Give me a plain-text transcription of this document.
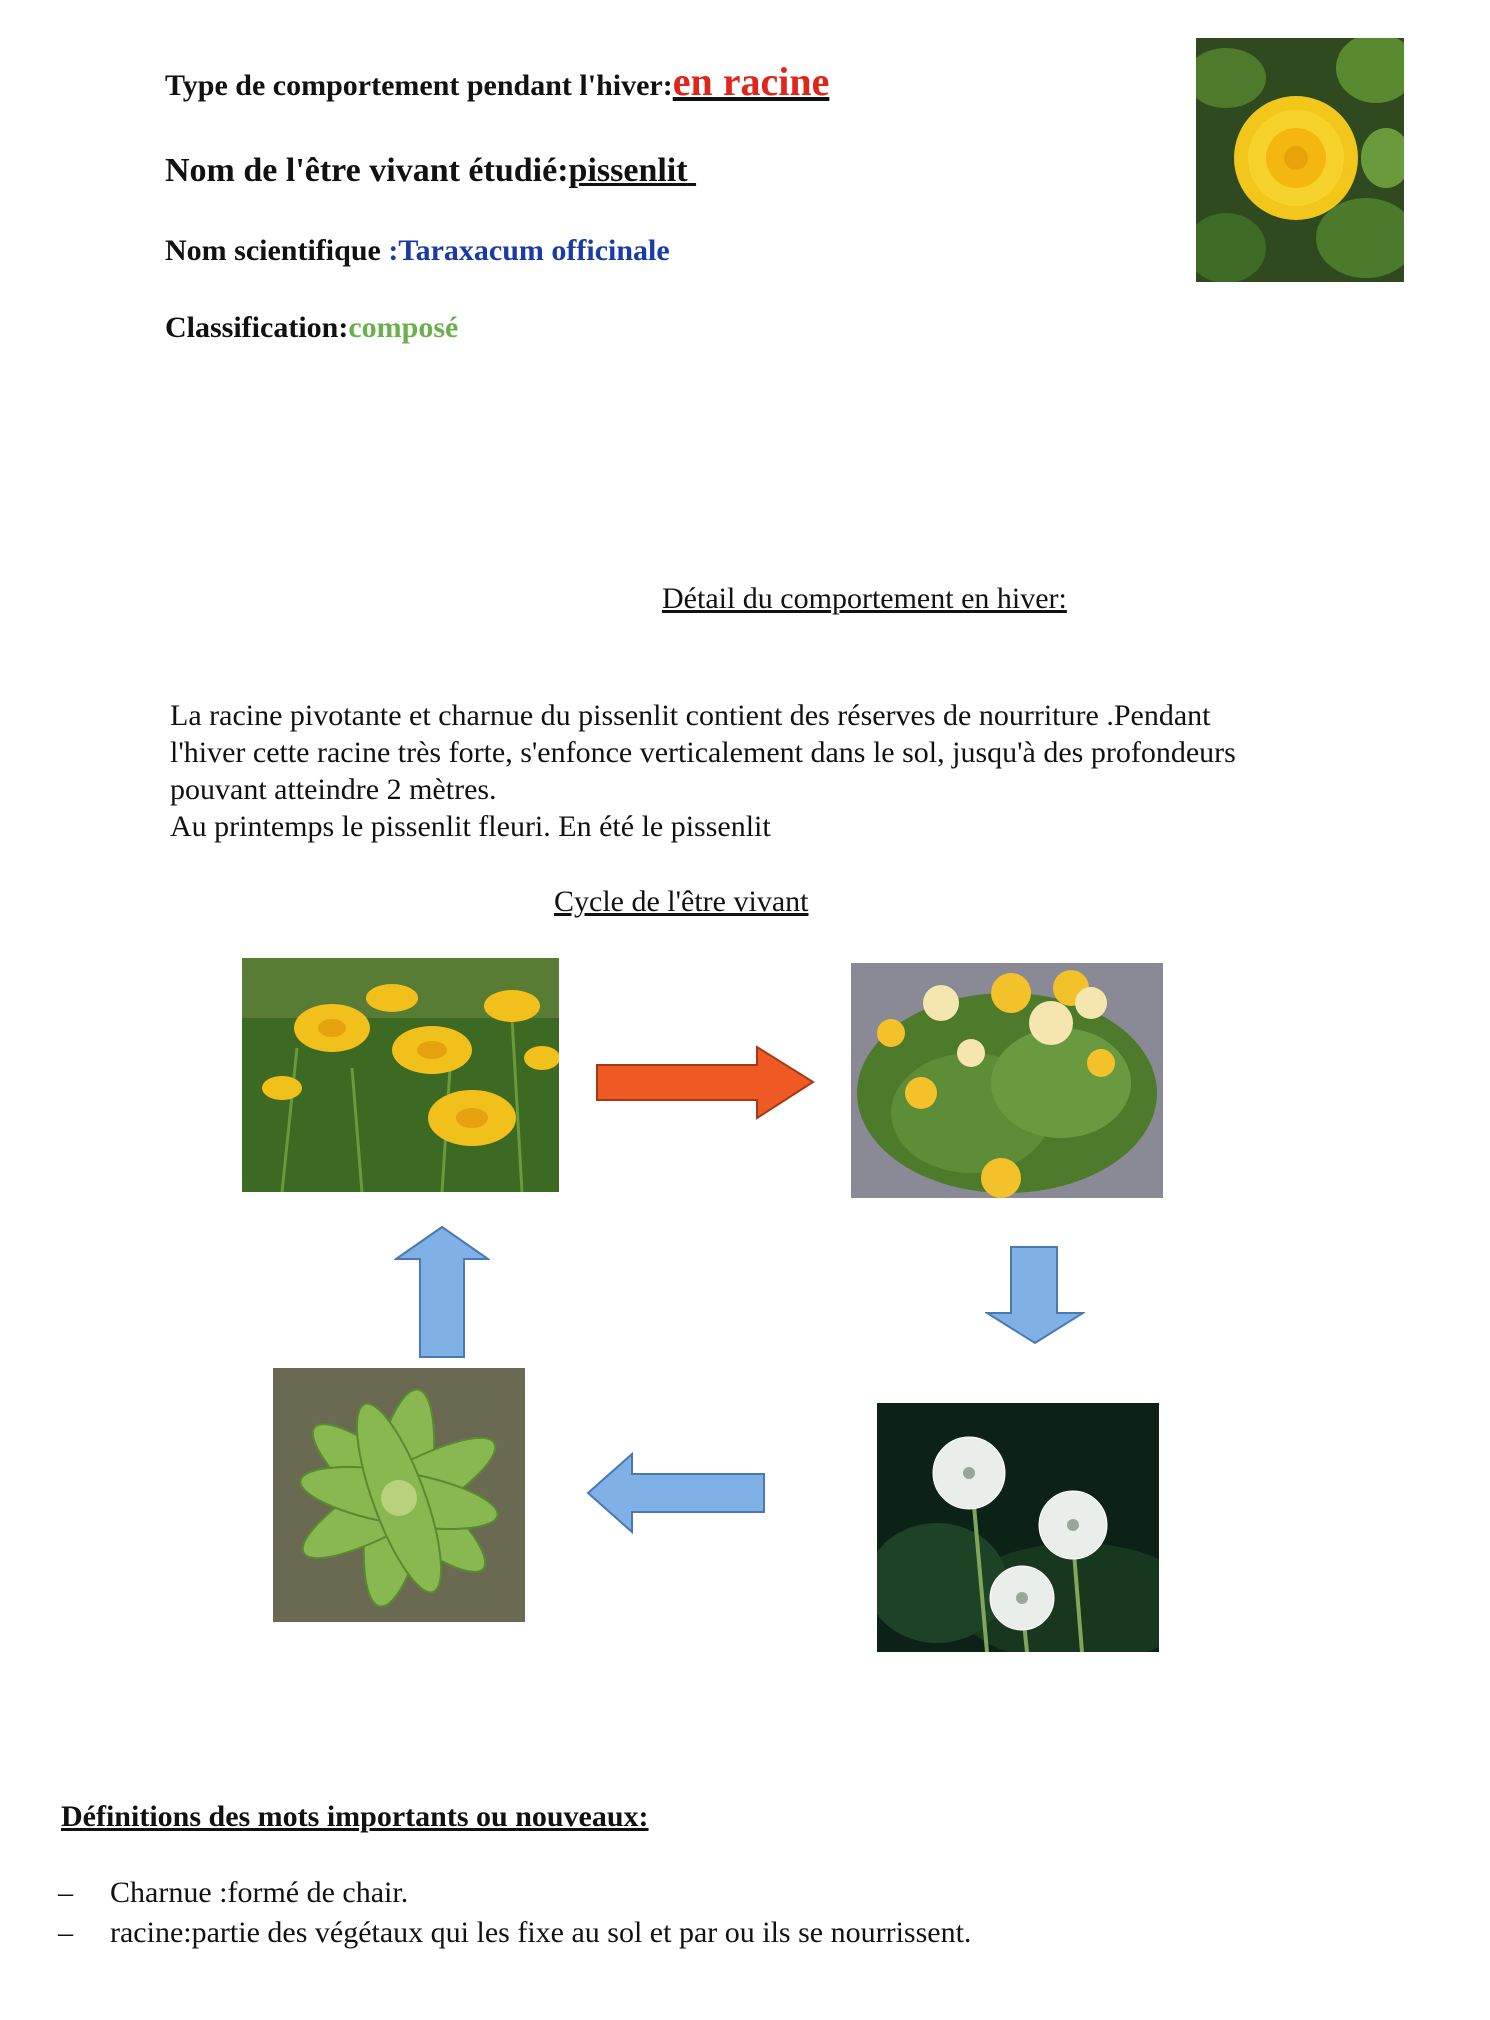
Type de comportement pendant l'hiver:en racine
Nom de l'être vivant étudié:pissenlit
Nom scientifique :Taraxacum officinale
Classification:composé
Détail du comportement en hiver:
La racine pivotante et charnue du pissenlit contient des réserves de nourriture .Pendant
l'hiver cette racine très forte, s'enfonce verticalement dans le sol, jusqu'à des profondeurs
pouvant atteindre 2 mètres.
Au printemps le pissenlit fleuri. En été le pissenlit
Cycle de l'être vivant
Définitions des mots importants ou nouveaux:
– Charnue :formé de chair.
– racine:partie des végétaux qui les fixe au sol et par ou ils se nourrissent.
